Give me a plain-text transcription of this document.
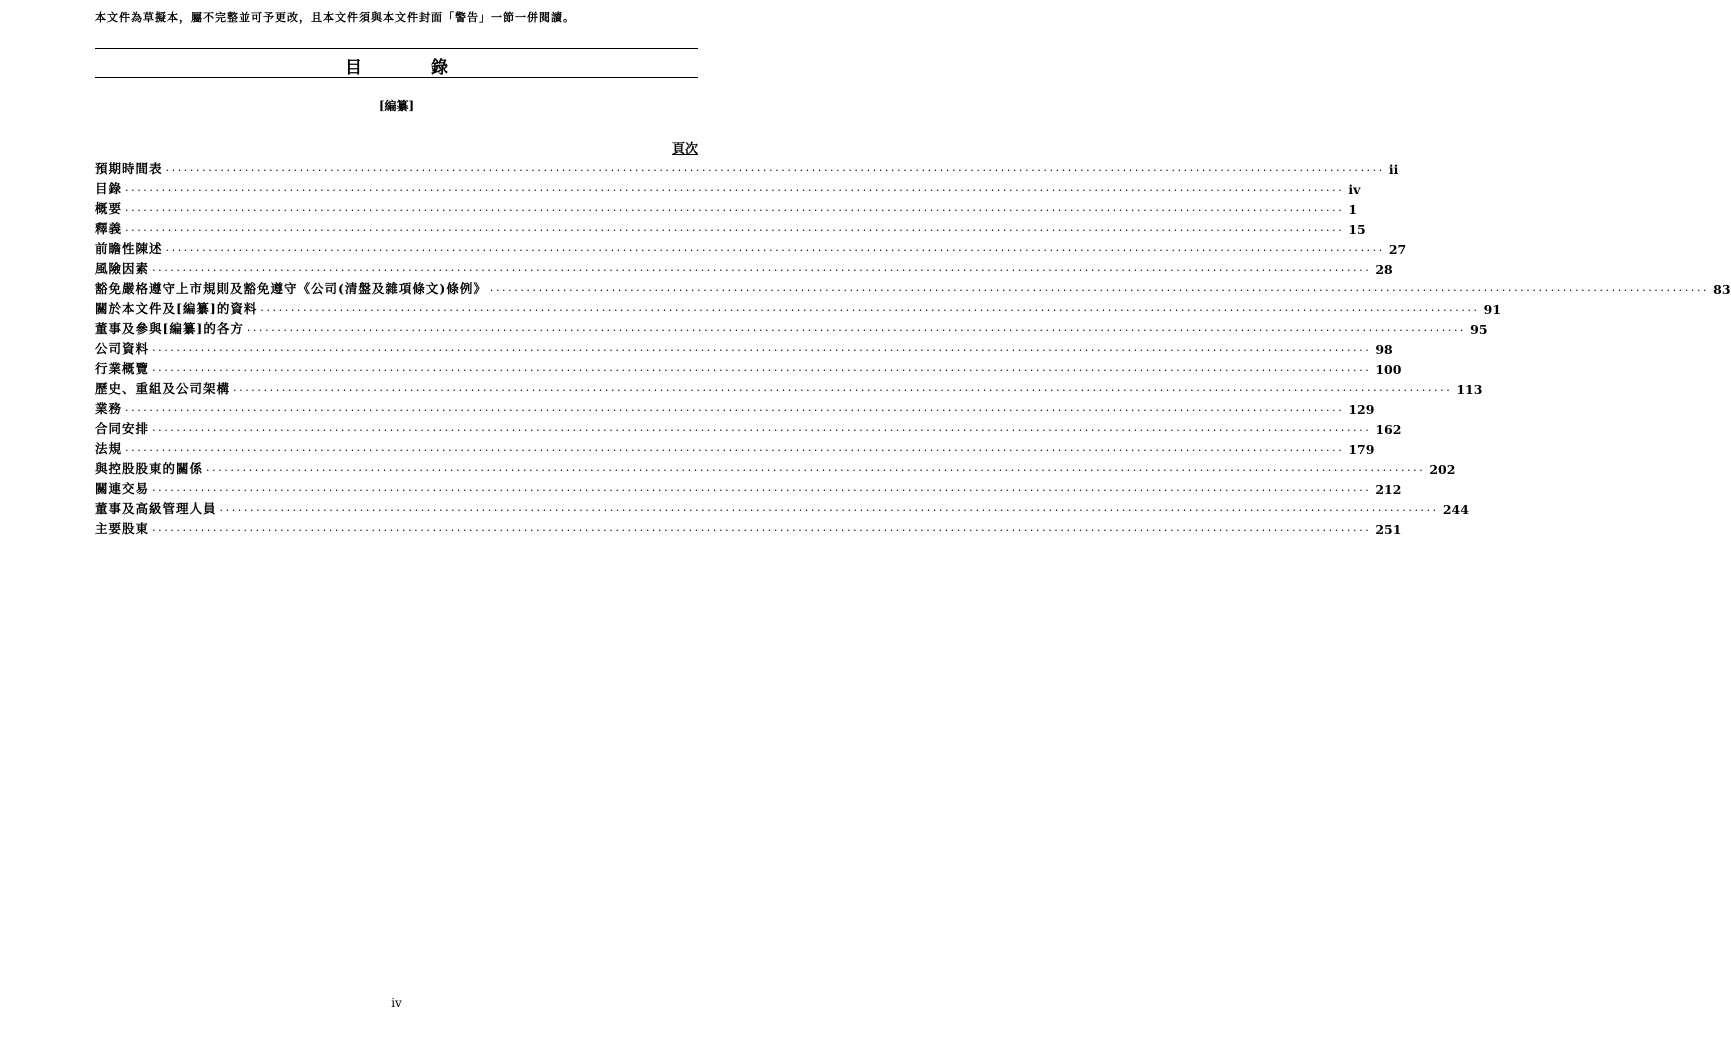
本文件為草擬本，屬不完整並可予更改，且本文件須與本文件封面「警告」一節一併閱讀。
目　錄
[編纂]
頁次
預期時間表 ........................................................................................................................................................................................................ ii
目錄 ........................................................................................................................................................................................................ iv
概要 ........................................................................................................................................................................................................ 1
釋義 ........................................................................................................................................................................................................ 15
前瞻性陳述 ........................................................................................................................................................................................................ 27
風險因素 ........................................................................................................................................................................................................ 28
豁免嚴格遵守上市規則及豁免遵守《公司(清盤及雜項條文)條例》 ........................................................................................................................................................................................................ 83
關於本文件及[編纂]的資料 ........................................................................................................................................................................................................ 91
董事及參與[編纂]的各方 ........................................................................................................................................................................................................ 95
公司資料 ........................................................................................................................................................................................................ 98
行業概覽 ........................................................................................................................................................................................................ 100
歷史、重組及公司架構 ........................................................................................................................................................................................................ 113
業務 ........................................................................................................................................................................................................ 129
合同安排 ........................................................................................................................................................................................................ 162
法規 ........................................................................................................................................................................................................ 179
與控股股東的關係 ........................................................................................................................................................................................................ 202
關連交易 ........................................................................................................................................................................................................ 212
董事及高級管理人員 ........................................................................................................................................................................................................ 244
主要股東 ........................................................................................................................................................................................................ 251
iv
